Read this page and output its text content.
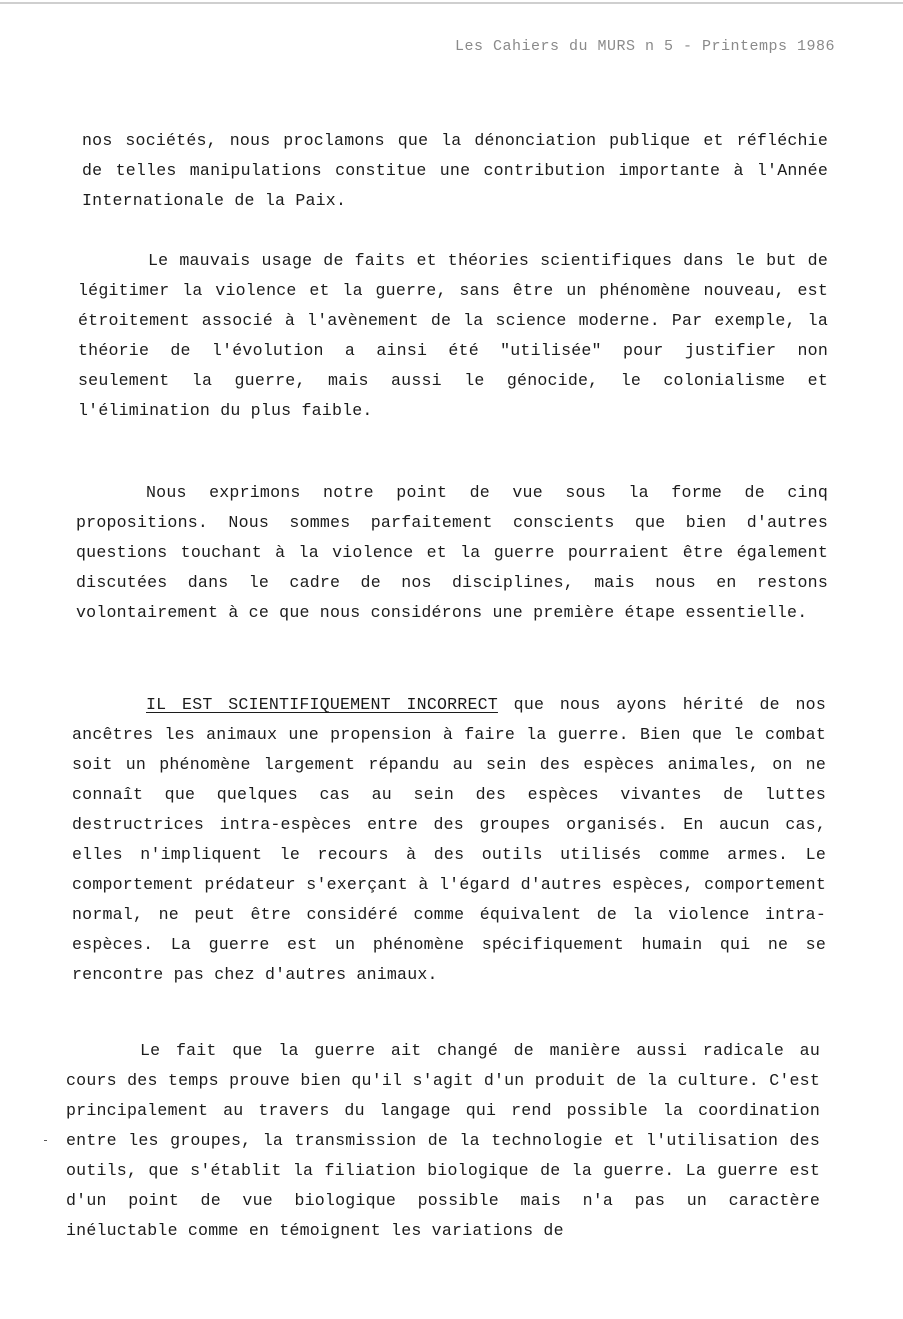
Les Cahiers du MURS n 5 - Printemps 1986

nos sociétés, nous proclamons que la dénonciation publique et réfléchie de telles manipulations constitue une contribution importante à l'Année Internationale de la Paix.

Le mauvais usage de faits et théories scientifiques dans le but de légitimer la violence et la guerre, sans être un phénomène nouveau, est étroitement associé à l'avènement de la science moderne. Par exemple, la théorie de l'évolution a ainsi été "utilisée" pour justifier non seulement la guerre, mais aussi le génocide, le colonialisme et l'élimination du plus faible.

Nous exprimons notre point de vue sous la forme de cinq propositions. Nous sommes parfaitement conscients que bien d'autres questions touchant à la violence et la guerre pourraient être également discutées dans le cadre de nos disciplines, mais nous en restons volontairement à ce que nous considérons une première étape essentielle.

IL EST SCIENTIFIQUEMENT INCORRECT que nous ayons hérité de nos ancêtres les animaux une propension à faire la guerre. Bien que le combat soit un phénomène largement répandu au sein des espèces animales, on ne connaît que quelques cas au sein des espèces vivantes de luttes destructrices intra-espèces entre des groupes organisés. En aucun cas, elles n'impliquent le recours à des outils utilisés comme armes. Le comportement prédateur s'exerçant à l'égard d'autres espèces, comportement normal, ne peut être considéré comme équivalent de la violence intra-espèces. La guerre est un phénomène spécifiquement humain qui ne se rencontre pas chez d'autres animaux.

Le fait que la guerre ait changé de manière aussi radicale au cours des temps prouve bien qu'il s'agit d'un produit de la culture. C'est principalement au travers du langage qui rend possible la coordination entre les groupes, la transmission de la technologie et l'utilisation des outils, que s'établit la filiation biologique de la guerre. La guerre est d'un point de vue biologique possible mais n'a pas un caractère inéluctable comme en témoignent les variations de
